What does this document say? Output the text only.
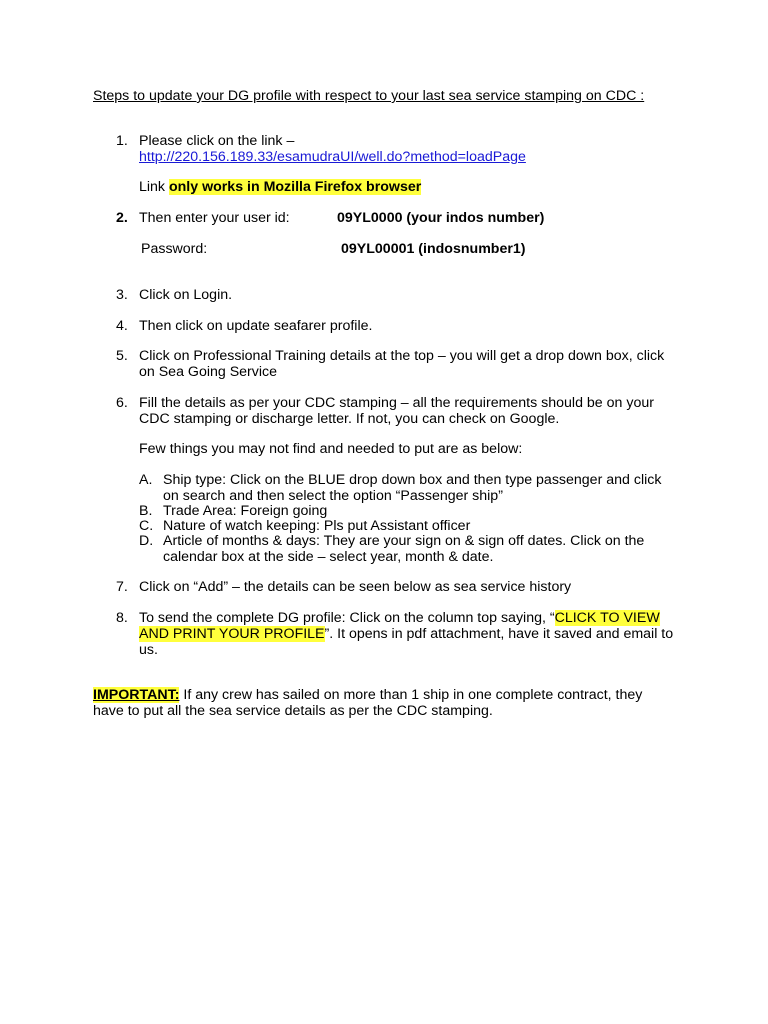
Steps to update your DG profile with respect to your last sea service stamping on CDC :
1. Please click on the link –
http://220.156.189.33/esamudraUI/well.do?method=loadPage
Link only works in Mozilla Firefox browser
2. Then enter your user id:	09YL0000 (your indos number)
Password:	09YL00001 (indosnumber1)
3. Click on Login.
4. Then click on update seafarer profile.
5. Click on Professional Training details at the top – you will get a drop down box, click
on Sea Going Service
6. Fill the details as per your CDC stamping – all the requirements should be on your
CDC stamping or discharge letter. If not, you can check on Google.
Few things you may not find and needed to put are as below:
A. Ship type: Click on the BLUE drop down box and then type passenger and click
on search and then select the option “Passenger ship”
B. Trade Area: Foreign going
C. Nature of watch keeping: Pls put Assistant officer
D. Article of months & days: They are your sign on & sign off dates. Click on the
calendar box at the side – select year, month & date.
7. Click on “Add” – the details can be seen below as sea service history
8. To send the complete DG profile: Click on the column top saying, “CLICK TO VIEW
AND PRINT YOUR PROFILE”. It opens in pdf attachment, have it saved and email to
us.
IMPORTANT: If any crew has sailed on more than 1 ship in one complete contract, they
have to put all the sea service details as per the CDC stamping.
